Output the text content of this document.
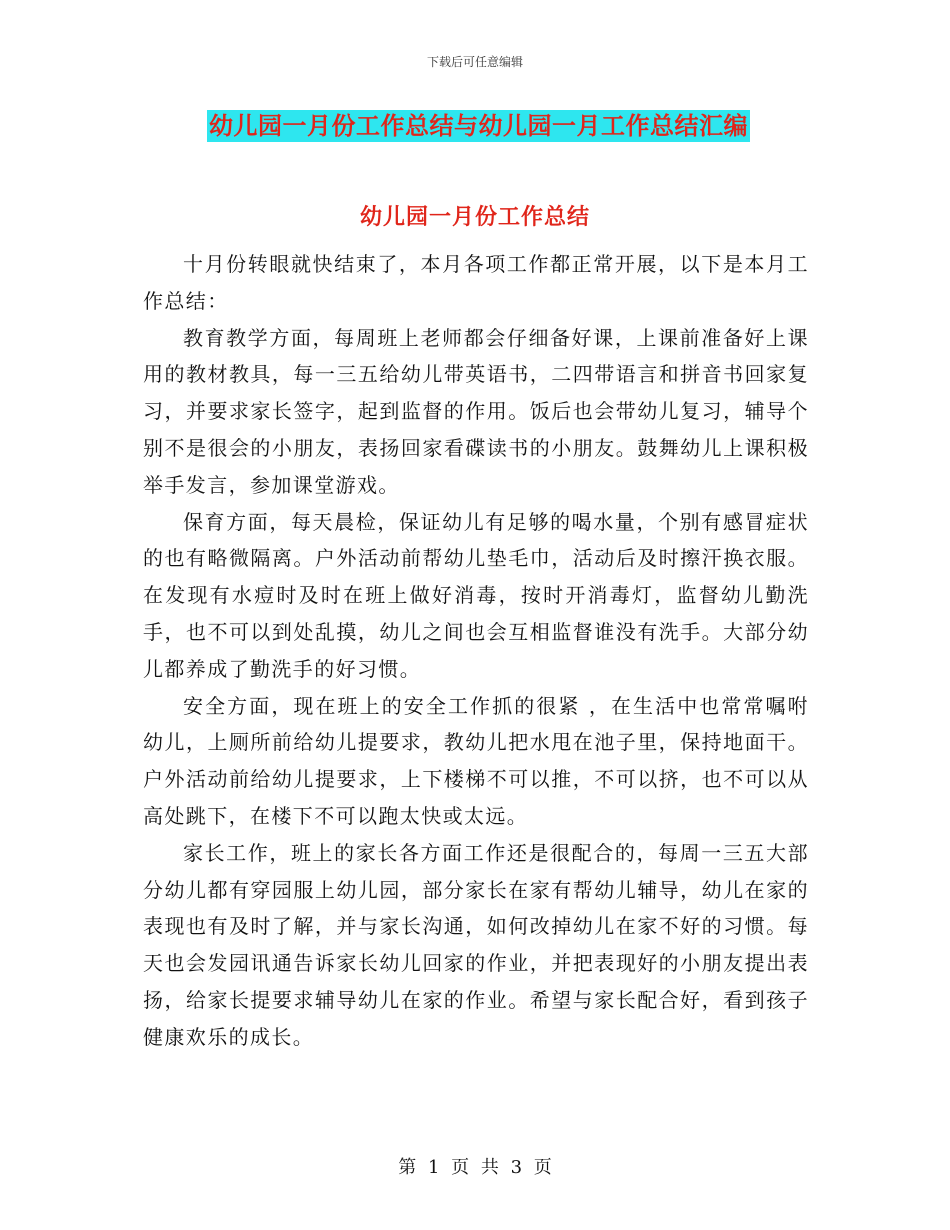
下载后可任意编辑
幼儿园一月份工作总结与幼儿园一月工作总结汇编
幼儿园一月份工作总结

十月份转眼就快结束了，本月各项工作都正常开展，以下是本月工作总结：

教育教学方面，每周班上老师都会仔细备好课，上课前准备好上课用的教材教具，每一三五给幼儿带英语书，二四带语言和拼音书回家复习，并要求家长签字，起到监督的作用。饭后也会带幼儿复习，辅导个别不是很会的小朋友，表扬回家看碟读书的小朋友。鼓舞幼儿上课积极举手发言，参加课堂游戏。

保育方面，每天晨检，保证幼儿有足够的喝水量，个别有感冒症状的也有略微隔离。户外活动前帮幼儿垫毛巾，活动后及时擦汗换衣服。在发现有水痘时及时在班上做好消毒，按时开消毒灯，监督幼儿勤洗手，也不可以到处乱摸，幼儿之间也会互相监督谁没有洗手。大部分幼儿都养成了勤洗手的好习惯。

安全方面，现在班上的安全工作抓的很紧 ，在生活中也常常嘱咐幼儿，上厕所前给幼儿提要求，教幼儿把水甩在池子里，保持地面干。户外活动前给幼儿提要求，上下楼梯不可以推，不可以挤，也不可以从高处跳下，在楼下不可以跑太快或太远。

家长工作，班上的家长各方面工作还是很配合的，每周一三五大部分幼儿都有穿园服上幼儿园，部分家长在家有帮幼儿辅导，幼儿在家的表现也有及时了解，并与家长沟通，如何改掉幼儿在家不好的习惯。每天也会发园讯通告诉家长幼儿回家的作业，并把表现好的小朋友提出表扬，给家长提要求辅导幼儿在家的作业。希望与家长配合好，看到孩子健康欢乐的成长。

第 1 页 共 3 页
